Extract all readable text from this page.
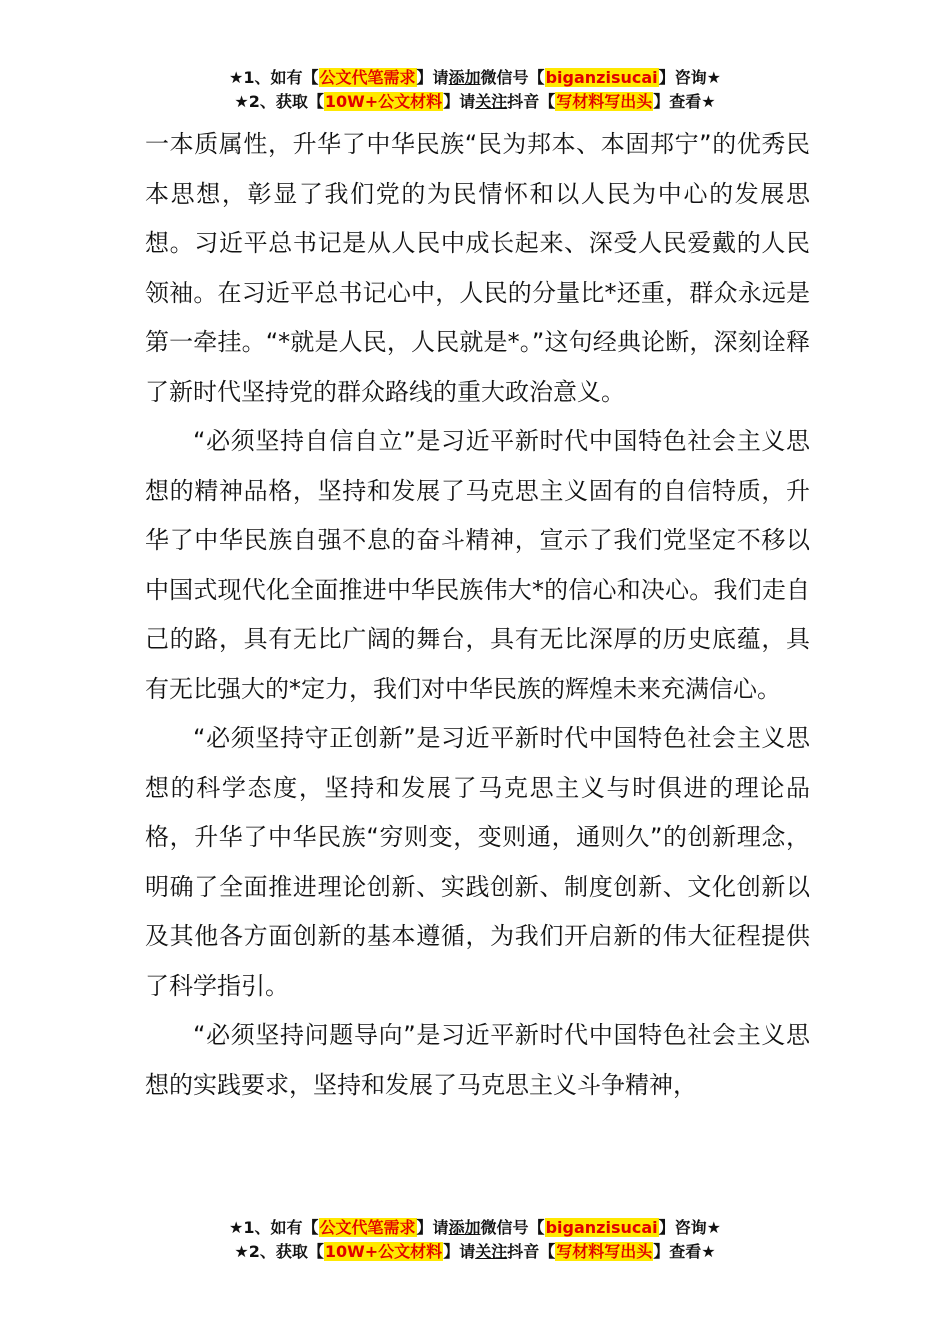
★1、如有【公文代笔需求】请添加微信号【biganzisucai】咨询★
★2、获取【10W+公文材料】请关注抖音【写材料写出头】查看★

一本质属性，升华了中华民族“民为邦本、本固邦宁”的优秀民本思想，彰显了我们党的为民情怀和以人民为中心的发展思想。习近平总书记是从人民中成长起来、深受人民爱戴的人民领袖。在习近平总书记心中，人民的分量比*还重，群众永远是第一牵挂。“*就是人民，人民就是*。”这句经典论断，深刻诠释了新时代坚持党的群众路线的重大政治意义。

“必须坚持自信自立”是习近平新时代中国特色社会主义思想的精神品格，坚持和发展了马克思主义固有的自信特质，升华了中华民族自强不息的奋斗精神，宣示了我们党坚定不移以中国式现代化全面推进中华民族伟大*的信心和决心。我们走自己的路，具有无比广阔的舞台，具有无比深厚的历史底蕴，具有无比强大的*定力，我们对中华民族的辉煌未来充满信心。

“必须坚持守正创新”是习近平新时代中国特色社会主义思想的科学态度，坚持和发展了马克思主义与时俱进的理论品格，升华了中华民族“穷则变，变则通，通则久”的创新理念，明确了全面推进理论创新、实践创新、制度创新、文化创新以及其他各方面创新的基本遵循，为我们开启新的伟大征程提供了科学指引。

“必须坚持问题导向”是习近平新时代中国特色社会主义思想的实践要求，坚持和发展了马克思主义斗争精神，

★1、如有【公文代笔需求】请添加微信号【biganzisucai】咨询★
★2、获取【10W+公文材料】请关注抖音【写材料写出头】查看★
